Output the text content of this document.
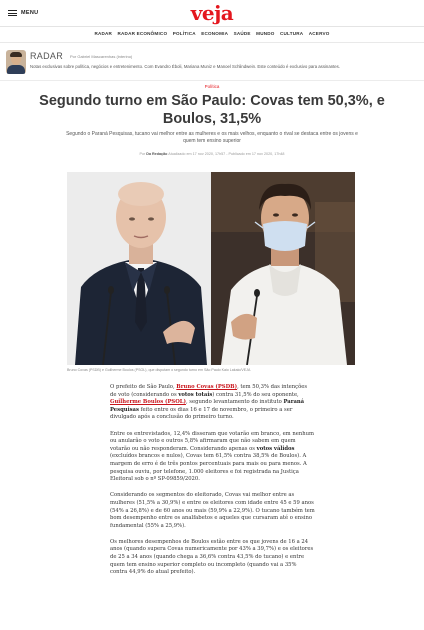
MENU	veja
RADAR RADAR ECONÔMICO POLÍTICA ECONOMIA SAÚDE MUNDO CULTURA ACERVO
RADAR Por Gabriel Mascarenhas (interino)
Notas exclusivas sobre política, negócios e entretenimento. Com Evandro Éboli, Mariana Muniz e Manoel Schlindwein. Este conteúdo é exclusivo para assinantes.
Política
Segundo turno em São Paulo: Covas tem 50,3%, e Boulos, 31,5%

Segundo o Paraná Pesquisas, tucano vai melhor entre as mulheres e os mais velhos, enquanto o rival se destaca entre os jovens e quem tem ensino superior

Por Da Redação Atualizado em 17 nov 2020, 17h57 - Publicado em 17 nov 2020, 17h48
Bruno Covas (PSDB) e Guilherme Boulos (PSOL), que disputam o segundo turno em São Paulo Kaio Lakaio/VEJA

O prefeito de São Paulo, Bruno Covas (PSDB), tem 50,3% das intenções de voto (considerando os votos totais) contra 31,5% do seu oponente, Guilherme Boulos (PSOL), segundo levantamento do instituto Paraná Pesquisas feito entre os dias 16 e 17 de novembro, o primeiro a ser divulgado após a conclusão do primeiro turno.

Entre os entrevistados, 12,4% disseram que votarão em branco, em nenhum ou anularão o voto e outros 5,8% afirmaram que não sabem em quem votarão ou não responderam. Considerando apenas os votos válidos (excluídos brancos e nulos), Covas tem 61,5% contra 38,5% de Boulos). A margem de erro é de três pontos percentuais para mais ou para menos. A pesquisa ouviu, por telefone, 1.000 eleitores e foi registrada na Justiça Eleitoral sob o nº SP-09859/2020.

Considerando os segmentos do eleitorado, Covas vai melhor entre as mulheres (51,5% a 30,9%) e entre os eleitores com idade entre 45 e 59 anos (54% a 26,8%) e de 60 anos ou mais (59,9% a 22,9%). O tucano também tem bom desempenho entre os analfabetos e aqueles que cursaram até o ensino fundamental (55% a 25,9%).

Os melhores desempenhos de Boulos estão entre os que jovens de 16 a 24 anos (quando supera Covas numericamente por 43% a 39,7%) e os eleitores de 25 a 34 anos (quando chega a 36,6% contra 43,5% do tucano) e entre quem tem ensino superior completo ou incompleto (quando vai a 35% contra 44,9% do atual prefeito).
